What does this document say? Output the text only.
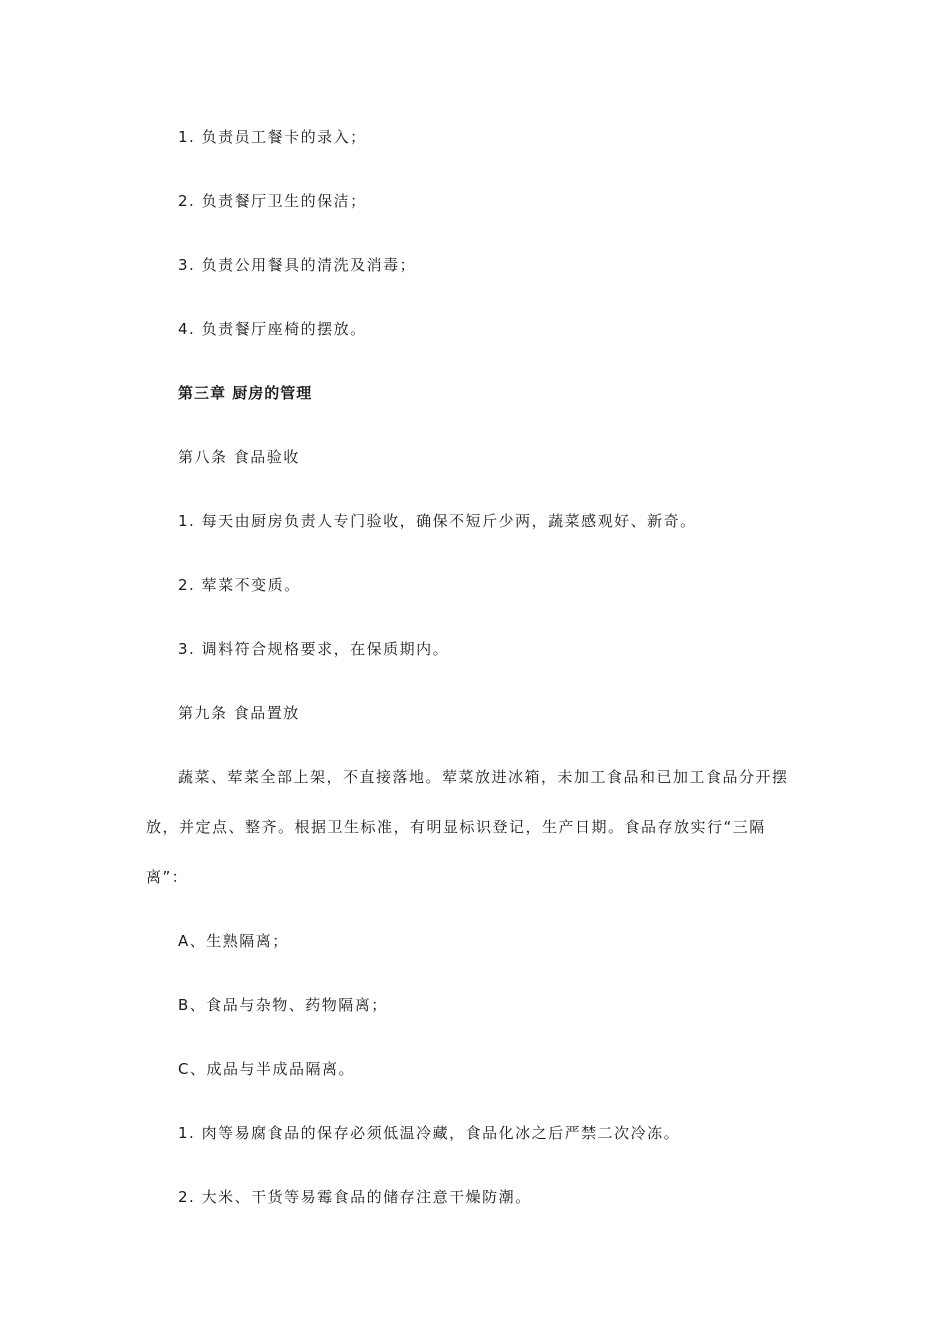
1. 负责员工餐卡的录入；
2. 负责餐厅卫生的保洁；
3. 负责公用餐具的清洗及消毒；
4. 负责餐厅座椅的摆放。
第三章 厨房的管理
第八条 食品验收
1. 每天由厨房负责人专门验收，确保不短斤少两，蔬菜感观好、新奇。
2. 荤菜不变质。
3. 调料符合规格要求，在保质期内。
第九条 食品置放
蔬菜、荤菜全部上架，不直接落地。荤菜放进冰箱，未加工食品和已加工食品分开摆
放，并定点、整齐。根据卫生标准，有明显标识登记，生产日期。食品存放实行“三隔
离”：
A、生熟隔离；
B、食品与杂物、药物隔离；
C、成品与半成品隔离。
1. 肉等易腐食品的保存必须低温冷藏，食品化冰之后严禁二次冷冻。
2. 大米、干货等易霉食品的储存注意干燥防潮。
